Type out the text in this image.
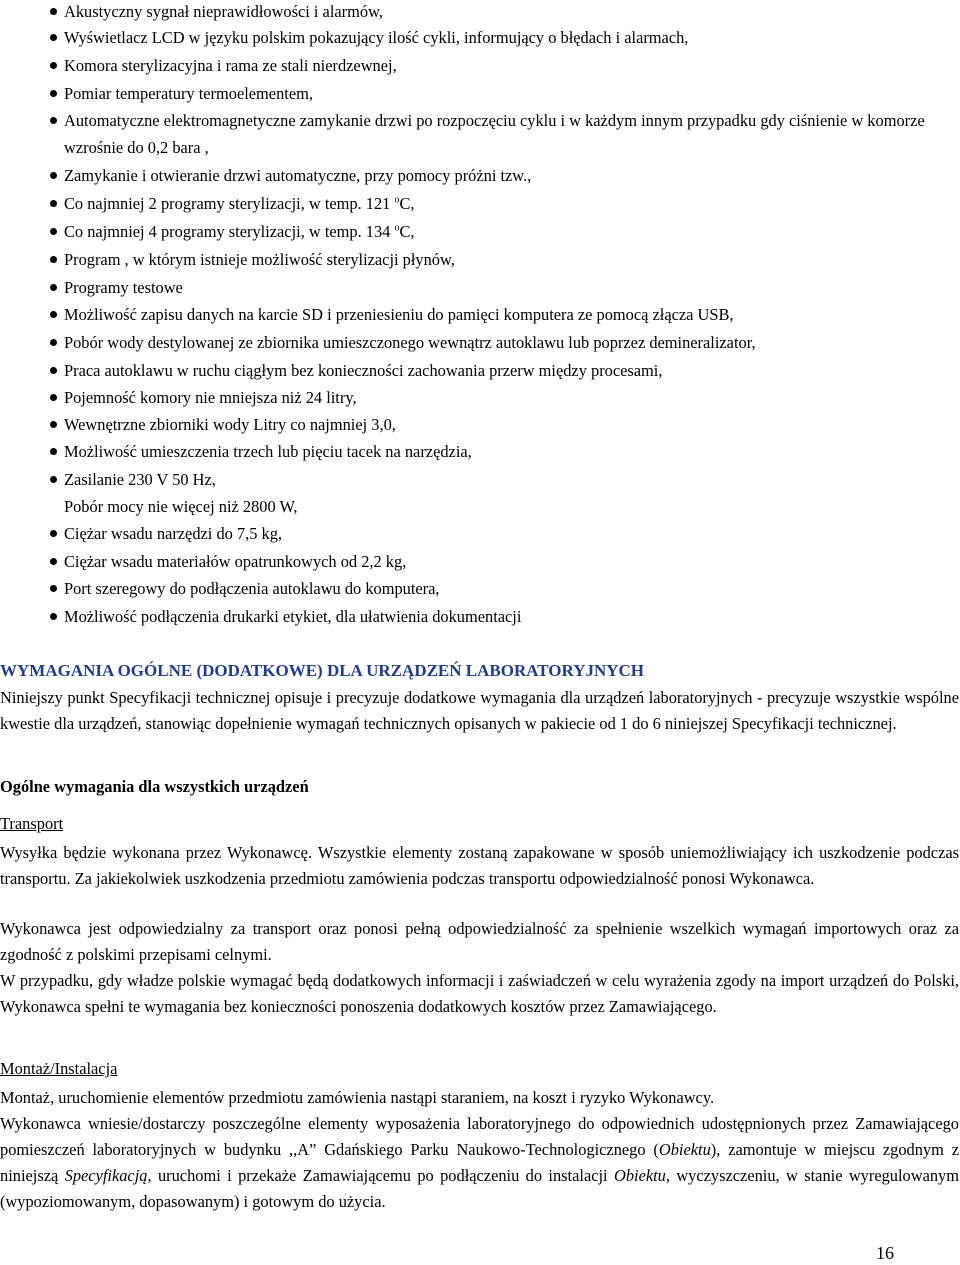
Akustyczny sygnał nieprawidłowości i alarmów,
Wyświetlacz LCD w języku polskim pokazujący ilość cykli, informujący o błędach i alarmach,
Komora sterylizacyjna i rama ze stali nierdzewnej,
Pomiar temperatury termoelementem,
Automatyczne elektromagnetyczne zamykanie drzwi po rozpoczęciu cyklu i w każdym innym przypadku gdy ciśnienie w komorze wzrośnie do 0,2 bara ,
Zamykanie i otwieranie drzwi automatyczne, przy pomocy próżni tzw.,
Co najmniej 2 programy sterylizacji, w temp. 121 $^o$C,
Co najmniej 4 programy sterylizacji, w temp. 134 $^o$C,
Program , w którym istnieje możliwość sterylizacji płynów,
Programy testowe
Możliwość zapisu danych na karcie SD i przeniesieniu do pamięci komputera ze pomocą złącza USB,
Pobór wody destylowanej ze zbiornika umieszczonego wewnątrz autoklawu lub poprzez demineralizator,
Praca autoklawu w ruchu ciągłym bez konieczności zachowania przerw między procesami,
Pojemność komory nie mniejsza niż 24 litry,
Wewnętrzne zbiorniki wody Litry co najmniej 3,0,
Możliwość umieszczenia trzech lub pięciu tacek na narzędzia,
Zasilanie 230 V 50 Hz,
Pobór mocy nie więcej niż 2800 W,
Ciężar wsadu narzędzi do 7,5 kg,
Ciężar wsadu materiałów opatrunkowych od 2,2 kg,
Port szeregowy do podłączenia autoklawu do komputera,
Możliwość podłączenia drukarki etykiet, dla ułatwienia dokumentacji
WYMAGANIA OGÓLNE (DODATKOWE) DLA URZĄDZEŃ LABORATORYJNYCH
Niniejszy punkt Specyfikacji technicznej opisuje i precyzuje dodatkowe wymagania dla urządzeń laboratoryjnych - precyzuje wszystkie wspólne kwestie dla urządzeń, stanowiąc dopełnienie wymagań technicznych opisanych w pakiecie od 1 do 6 niniejszej Specyfikacji technicznej.
Ogólne wymagania dla wszystkich urządzeń
Transport
Wysyłka będzie wykonana przez Wykonawcę. Wszystkie elementy zostaną zapakowane w sposób uniemożliwiający ich uszkodzenie podczas transportu. Za jakiekolwiek uszkodzenia przedmiotu zamówienia podczas transportu odpowiedzialność ponosi Wykonawca.
Wykonawca jest odpowiedzialny za transport oraz ponosi pełną odpowiedzialność za spełnienie wszelkich wymagań importowych oraz za zgodność z polskimi przepisami celnymi.
W przypadku, gdy władze polskie wymagać będą dodatkowych informacji i zaświadczeń w celu wyrażenia zgody na import urządzeń do Polski, Wykonawca spełni te wymagania bez konieczności ponoszenia dodatkowych kosztów przez Zamawiającego.
Montaż/Instalacja
Montaż, uruchomienie elementów przedmiotu zamówienia nastąpi staraniem, na koszt i ryzyko Wykonawcy.
Wykonawca wniesie/dostarczy poszczególne elementy wyposażenia laboratoryjnego do odpowiednich udostępnionych przez Zamawiającego pomieszczeń laboratoryjnych w budynku ,,A” Gdańskiego Parku Naukowo-Technologicznego (Obiektu), zamontuje w miejscu zgodnym z niniejszą Specyfikacją, uruchomi i przekaże Zamawiającemu po podłączeniu do instalacji Obiektu, wyczyszczeniu, w stanie wyregulowanym (wypoziomowanym, dopasowanym) i gotowym do użycia.
16
